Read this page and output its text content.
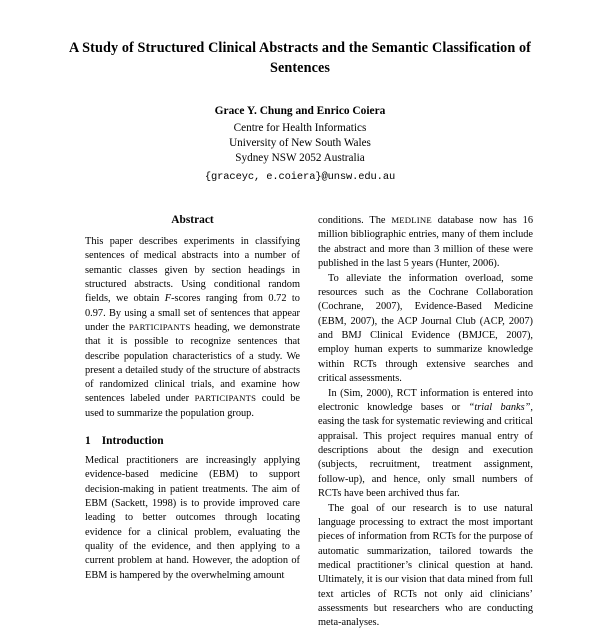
A Study of Structured Clinical Abstracts and the Semantic Classification of Sentences
Grace Y. Chung and Enrico Coiera
Centre for Health Informatics
University of New South Wales
Sydney NSW 2052 Australia
{graceyc, e.coiera}@unsw.edu.au
Abstract

This paper describes experiments in classifying sentences of medical abstracts into a number of semantic classes given by section headings in structured abstracts. Using conditional random fields, we obtain F-scores ranging from 0.72 to 0.97. By using a small set of sentences that appear under the PARTICIPANTS heading, we demonstrate that it is possible to recognize sentences that describe population characteristics of a study. We present a detailed study of the structure of abstracts of randomized clinical trials, and examine how sentences labeled under PARTICIPANTS could be used to summarize the population group.

1 Introduction

Medical practitioners are increasingly applying evidence-based medicine (EBM) to support decision-making in patient treatments. The aim of EBM (Sackett, 1998) is to provide improved care leading to better outcomes through locating evidence for a clinical problem, evaluating the quality of the evidence, and then applying to a current problem at hand. However, the adoption of EBM is hampered by the overwhelming amount

conditions. The MEDLINE database now has 16 million bibliographic entries, many of them include the abstract and more than 3 million of these were published in the last 5 years (Hunter, 2006).

To alleviate the information overload, some resources such as the Cochrane Collaboration (Cochrane, 2007), Evidence-Based Medicine (EBM, 2007), the ACP Journal Club (ACP, 2007) and BMJ Clinical Evidence (BMJCE, 2007), employ human experts to summarize knowledge within RCTs through extensive searches and critical assessments.

In (Sim, 2000), RCT information is entered into electronic knowledge bases or “trial banks”, easing the task for systematic reviewing and critical appraisal. This project requires manual entry of descriptions about the design and execution (subjects, recruitment, treatment assignment, follow-up), and hence, only small numbers of RCTs have been archived thus far.

The goal of our research is to use natural language processing to extract the most important pieces of information from RCTs for the purpose of automatic summarization, tailored towards the medical practitioner’s clinical question at hand. Ultimately, it is our vision that data mined from full text articles of RCTs not only aid clinicians’ assessments but researchers who are conducting meta-analyses.
